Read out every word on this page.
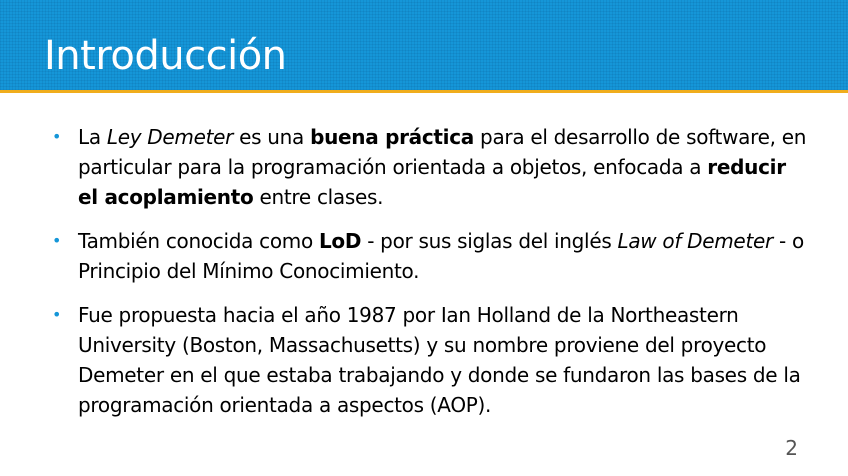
Introducción
• La Ley Demeter es una buena práctica para el desarrollo de software, en particular para la programación orientada a objetos, enfocada a reducir el acoplamiento entre clases.
• También conocida como LoD - por sus siglas del inglés Law of Demeter - o Principio del Mínimo Conocimiento.
• Fue propuesta hacia el año 1987 por Ian Holland de la Northeastern University (Boston, Massachusetts) y su nombre proviene del proyecto Demeter en el que estaba trabajando y donde se fundaron las bases de la programación orientada a aspectos (AOP).
2
